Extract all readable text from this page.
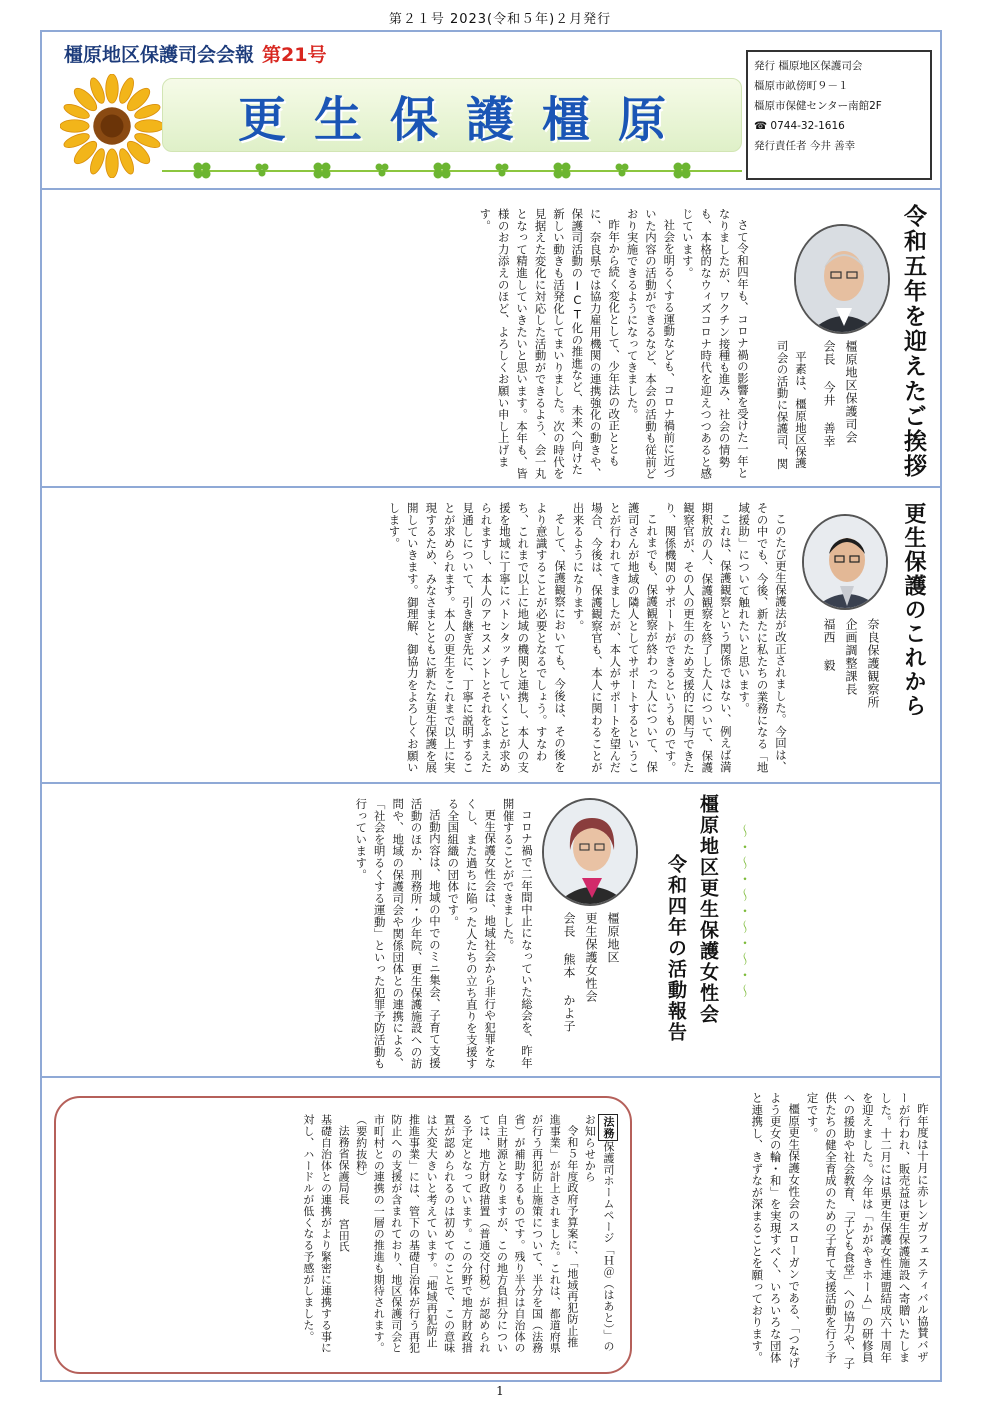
第２１号 2023(令和５年)２月発行
橿原地区保護司会会報 第21号
更生保護橿原
発行 橿原地区保護司会
橿原市畝傍町９－１
橿原市保健センター南館2F
☎ 0744-32-1616
発行責任者 今井 善幸
令和五年を迎えたご挨拶
橿原地区保護司会
会長 今井 善幸

平素は、橿原地区保護司会の活動に保護司、関

さて令和四年も、コロナ禍の影響を受けた一年となりましたが、ワクチン接種も進み、社会の情勢も、本格的なウィズコロナ時代を迎えつつあると感じています。

社会を明るくする運動なども、コロナ禍前に近づいた内容の活動ができるなど、本会の活動も従前どおり実施できるようになってきました。

昨年から続く変化として、少年法の改正とともに、奈良県では協力雇用機関の連携強化の動きや、保護司活動のICT化の推進など、未来へ向けた新しい動きも活発化してまいりました。次の時代を見据えた変化に対応した活動ができるよう、会一丸となって精進していきたいと思います。本年も、皆様のお力添えのほど、よろしくお願い申し上げます。

更生保護のこれから
奈良保護観察所
企画調整課長
福西 毅

このたび更生保護法が改正されました。今回は、その中でも、今後、新たに私たちの業務になる「地域援助」について触れたいと思います。

これは、保護観察という関係ではない、例えば満期釈放の人、保護観察を終了した人について、保護観察官が、その人の更生のため支援的に関与できたり、関係機関のサポートができるというものです。

これまでも、保護観察が終わった人について、保護司さんが地域の隣人としてサポートするということが行われてきましたが、本人がサポートを望んだ場合、今後は、保護観察官も、本人に関わることが出来るようになります。

そして、保護観察においても、今後は、その後をより意識することが必要となるでしょう。すなわち、これまで以上に地域の機関と連携し、本人の支援を地域に丁寧にバトンタッチしていくことが求められますし、本人のアセスメントとそれをふまえた見通しについて、引き継ぎ先に、丁寧に説明することが求められます。本人の更生をこれまで以上に実現するため、みなさまとともに新たな更生保護を展開していきます。御理解、御協力をよろしくお願いします。

橿原地区更生保護女性会
令和四年の活動報告	～・～・～・～・～・～
橿原地区
更生保護女性会
会長 熊本 かよ子

コロナ禍で二年間中止になっていた総会を、昨年開催することができました。

更生保護女性会は、地域社会から非行や犯罪をなくし、また過ちに陥った人たちの立ち直りを支援する全国組織の団体です。

活動内容は、地域の中でのミニ集会、子育て支援活動のほか、刑務所・少年院、更生保護施設への訪問や、地域の保護司会や関係団体との連携による、「社会を明るくする運動」といった犯罪予防活動も行っています。

昨年度は十月に赤レンガフェスティバル協賛バザーが行われ、販売益は更生保護施設へ寄贈いたしました。十二月には県更生保護女性連盟結成六十周年を迎えました。今年は「かがやきホーム」の研修員への援助や社会教育、「子ども食堂」への協力や、子供たちの健全育成のための子育て支援活動を行う予定です。

橿原更生保護女性会のスローガンである、「つなげよう更女の輪・和」を実現すべく、いろいろな団体と連携し、きずなが深まることを願っております。

法務保護司ホームページ「Ｈ＠（はあと）」のお知らせから

令和５年度政府予算案に、「地域再犯防止推進事業」が計上されました。これは、都道府県が行う再犯防止施策について、半分を国（法務省）が補助するものです。残り半分は自治体の自主財源となりますが、この地方負担分については、地方財政措置（普通交付税）が認められる予定となっています。この分野で地方財政措置が認められるのは初めてのことで、この意味は大変大きいと考えています。「地域再犯防止推進事業」には、管下の基礎自治体が行う再犯防止への支援が含まれており、地区保護司会と市町村との連携の一層の推進も期待されます。（要約抜粋）

法務省保護局長 宮田氏

基礎自治体との連携がより緊密に連携する事に対し、ハードルが低くなる予感がしました。

1
